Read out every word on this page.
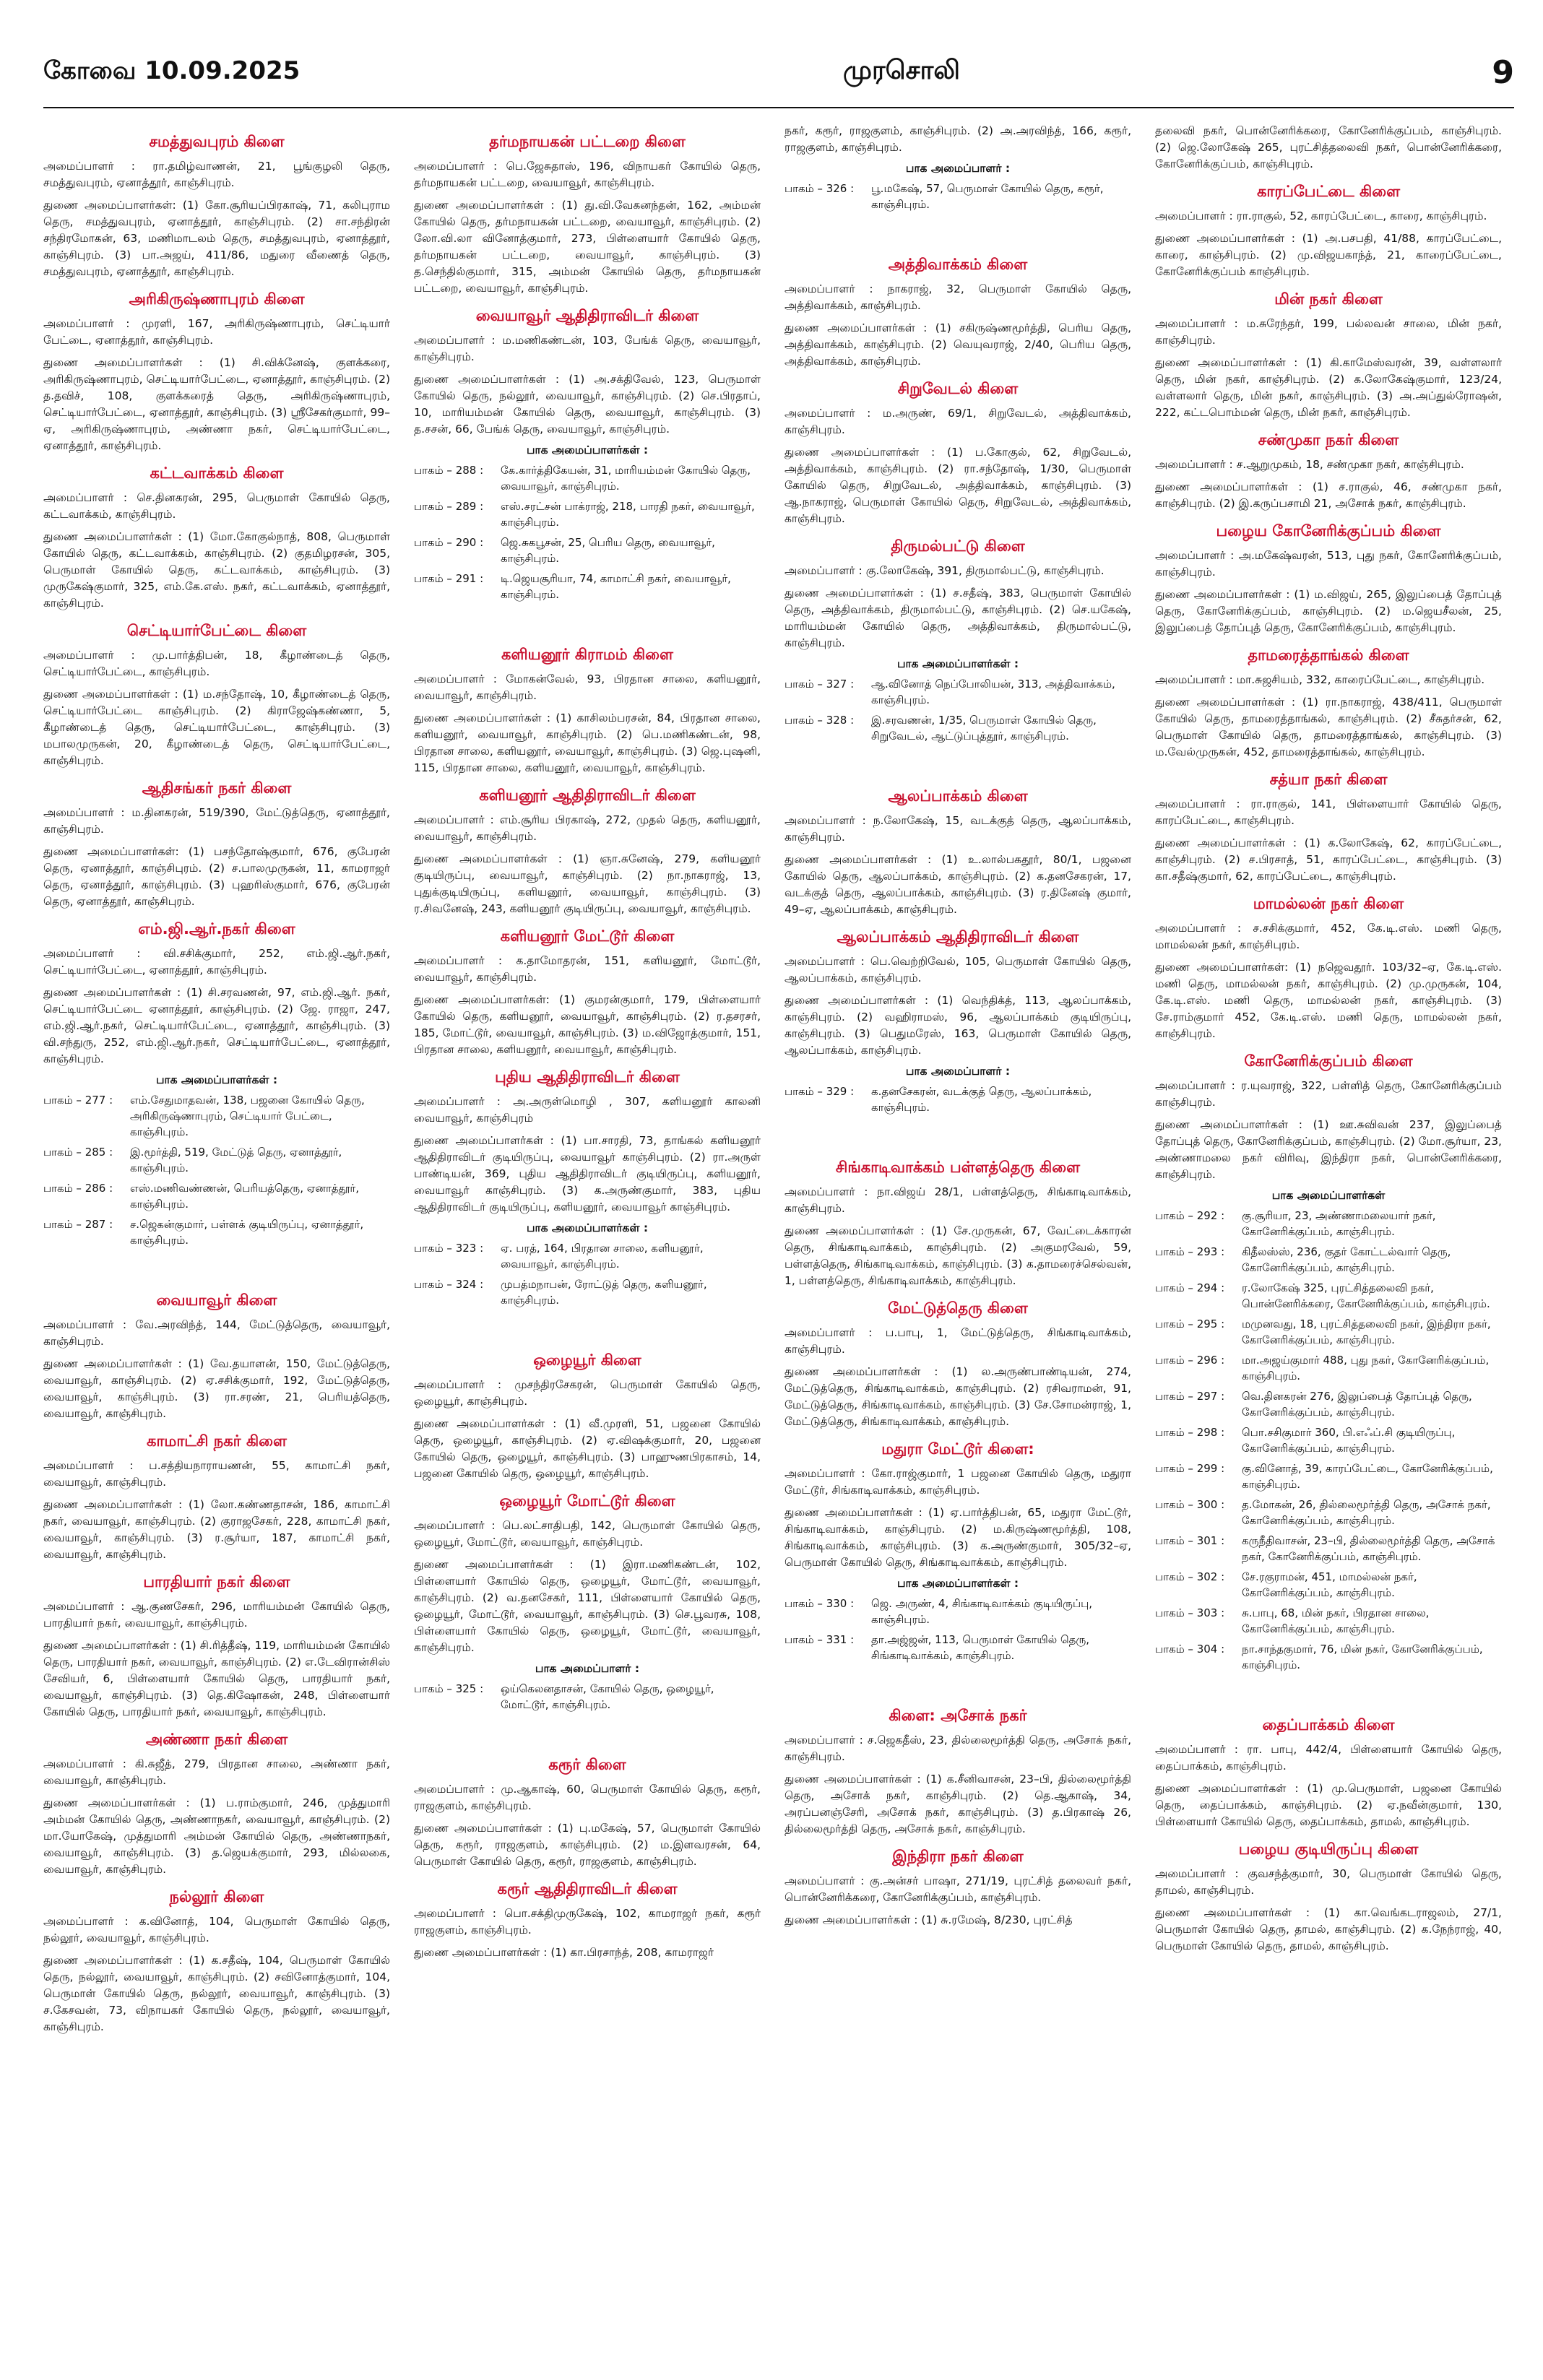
கோவை 10.09.2025	முரசொலி	9
சமத்துவபுரம் கிளை
அமைப்பாளர் : ரா.தமிழ்வாணன், 21, பூங்குழலி தெரு, சமத்துவபுரம், ஏனாத்தூர், காஞ்சிபுரம்.
துணை அமைப்பாளர்கள்: (1) கோ.சூரியப்பிரகாஷ், 71, கலிபுராம தெரு, சமத்துவபுரம், ஏனாத்தூர், காஞ்சிபுரம். (2) சா.சந்திரன் சந்திரமோகன், 63, மணிமாடலம் தெரு, சமத்துவபுரம், ஏனாத்தூர், காஞ்சிபுரம். (3) பா.அஜய், 411/86, மதுரை வீணைத் தெரு, சமத்துவபுரம், ஏனாத்தூர், காஞ்சிபுரம்.
அரிகிருஷ்ணாபுரம் கிளை
அமைப்பாளர் : முரளி, 167, அரிகிருஷ்ணாபுரம், செட்டியார் பேட்டை, ஏனாத்தூர், காஞ்சிபுரம்.
துணை அமைப்பாளர்கள் : (1) சி.விக்னேஷ், குளக்கரை, அரிகிருஷ்ணாபுரம், செட்டியார்பேட்டை, ஏனாத்தூர், காஞ்சிபுரம். (2) த.தவிச், 108, குளக்கரைத் தெரு, அரிகிருஷ்ணாபுரம், செட்டியார்பேட்டை, ஏனாத்தூர், காஞ்சிபுரம். (3) ஸ்ரீசேகர்குமார், 99–ஏ, அரிகிருஷ்ணாபுரம், அண்ணா நகர், செட்டியார்பேட்டை, ஏனாத்தூர், காஞ்சிபுரம்.
கட்டவாக்கம் கிளை
அமைப்பாளர் : செ.தினகரன், 295, பெருமாள் கோயில் தெரு, கட்டவாக்கம், காஞ்சிபுரம்.
துணை அமைப்பாளர்கள் : (1) மோ.கோகுல்நாத், 808, பெருமாள் கோயில் தெரு, கட்டவாக்கம், காஞ்சிபுரம். (2) குதமிழரசன், 305, பெருமாள் கோயில் தெரு, கட்டவாக்கம், காஞ்சிபுரம். (3) முருகேஷ்குமார், 325, எம்.கே.எஸ். நகர், கட்டவாக்கம், ஏனாத்தூர், காஞ்சிபுரம்.
செட்டியார்பேட்டை கிளை
அமைப்பாளர் : மு.பார்த்திபன், 18, கீழாண்டைத் தெரு, செட்டியார்பேட்டை, காஞ்சிபுரம்.
துணை அமைப்பாளர்கள் : (1) ம.சந்தோஷ், 10, கீழாண்டைத் தெரு, செட்டியார்பேட்டை காஞ்சிபுரம். (2) கிராஜேஷ்கண்ணா, 5, கீழாண்டைத் தெரு, செட்டியார்பேட்டை, காஞ்சிபுரம். (3) மபாலமுருகன், 20, கீழாண்டைத் தெரு, செட்டியார்பேட்டை, காஞ்சிபுரம்.
ஆதிசங்கர் நகர் கிளை
அமைப்பாளர் : ம.தினகரன், 519/390, மேட்டுத்தெரு, ஏனாத்தூர், காஞ்சிபுரம்.
துணை அமைப்பாளர்கள்: (1) பசந்தோஷ்குமார், 676, குபேரன் தெரு, ஏனாத்தூர், காஞ்சிபுரம். (2) ச.பாலமுருகன், 11, காமராஜர் தெரு, ஏனாத்தூர், காஞ்சிபுரம். (3) புஹரிஸ்குமார், 676, குபேரன் தெரு, ஏனாத்தூர், காஞ்சிபுரம்.
எம்.ஜி.ஆர்.நகர் கிளை
அமைப்பாளர் : வி.சசிக்குமார், 252, எம்.ஜி.ஆர்.நகர், செட்டியார்பேட்டை, ஏனாத்தூர், காஞ்சிபுரம்.
துணை அமைப்பாளர்கள் : (1) சி.சரவணன், 97, எம்.ஜி.ஆர். நகர், செட்டியார்பேட்டை ஏனாத்தூர், காஞ்சிபுரம். (2) ஜே. ராஜா, 247, எம்.ஜி.ஆர்.நகர், செட்டியார்பேட்டை, ஏனாத்தூர், காஞ்சிபுரம். (3) வி.சந்துரு, 252, எம்.ஜி.ஆர்.நகர், செட்டியார்பேட்டை, ஏனாத்தூர், காஞ்சிபுரம்.
பாக அமைப்பாளர்கள் :
பாகம் – 277 :	எம்.சேதுமாதவன், 138, பஜனை கோயில் தெரு, அரிகிருஷ்ணாபுரம், செட்டியார் பேட்டை, காஞ்சிபுரம்.
பாகம் – 285 :	இ.மூர்த்தி, 519, மேட்டுத் தெரு, ஏனாத்தூர், காஞ்சிபுரம்.
பாகம் – 286 :	எஸ்.மணிவண்ணன், பெரியத்தெரு, ஏனாத்தூர், காஞ்சிபுரம்.
பாகம் – 287 :	ச.ஜெகன்குமார், பள்ளக் குடியிருப்பு, ஏனாத்தூர், காஞ்சிபுரம்.
வையாவூர் கிளை
அமைப்பாளர் : வே.அரவிந்த், 144, மேட்டுத்தெரு, வையாவூர், காஞ்சிபுரம்.
துணை அமைப்பாளர்கள் : (1) வே.தயாளன், 150, மேட்டுத்தெரு, வையாவூர், காஞ்சிபுரம். (2) ஏ.சசிக்குமார், 192, மேட்டுத்தெரு, வையாவூர், காஞ்சிபுரம். (3) ரா.சரண், 21, பெரியத்தெரு, வையாவூர், காஞ்சிபுரம்.
காமாட்சி நகர் கிளை
அமைப்பாளர் : ப.சத்தியநாராயணன், 55, காமாட்சி நகர், வையாவூர், காஞ்சிபுரம்.
துணை அமைப்பாளர்கள் : (1) லோ.கண்ணதாசன், 186, காமாட்சி நகர், வையாவூர், காஞ்சிபுரம். (2) குராஜசேகர், 228, காமாட்சி நகர், வையாவூர், காஞ்சிபுரம். (3) ர.சூர்யா, 187, காமாட்சி நகர், வையாவூர், காஞ்சிபுரம்.
பாரதியார் நகர் கிளை
அமைப்பாளர் : ஆ.குணசேகர், 296, மாரியம்மன் கோயில் தெரு, பாரதியார் நகர், வையாவூர், காஞ்சிபுரம்.
துணை அமைப்பாளர்கள் : (1) சி.ரித்தீஷ், 119, மாரியம்மன் கோயில் தெரு, பாரதியார் நகர், வையாவூர், காஞ்சிபுரம். (2) எ.டேவிரான்சிஸ் சேவியர், 6, பிள்ளையார் கோயில் தெரு, பாரதியார் நகர், வையாவூர், காஞ்சிபுரம். (3) தெ.கிஷோகன், 248, பிள்ளையார் கோயில் தெரு, பாரதியார் நகர், வையாவூர், காஞ்சிபுரம்.
அண்ணா நகர் கிளை
அமைப்பாளர் : கி.சுஜீத், 279, பிரதான சாலை, அண்ணா நகர், வையாவூர், காஞ்சிபுரம்.
துணை அமைப்பாளர்கள் : (1) ப.ராம்குமார், 246, முத்துமாரி அம்மன் கோயில் தெரு, அண்ணாநகர், வையாவூர், காஞ்சிபுரம். (2) மா.யோகேஷ், முத்துமாரி அம்மன் கோயில் தெரு, அண்ணாநகர், வையாவூர், காஞ்சிபுரம். (3) த.ஜெயக்குமார், 293, மில்லகை, வையாவூர், காஞ்சிபுரம்.
நல்லூர் கிளை
அமைப்பாளர் : க.வினோத், 104, பெருமாள் கோயில் தெரு, நல்லூர், வையாவூர், காஞ்சிபுரம்.
துணை அமைப்பாளர்கள் : (1) க.சதீஷ், 104, பெருமாள் கோயில் தெரு, நல்லூர், வையாவூர், காஞ்சிபுரம். (2) சவினோத்குமார், 104, பெருமாள் கோயில் தெரு, நல்லூர், வையாவூர், காஞ்சிபுரம். (3) ச.கேசவன், 73, விநாயகர் கோயில் தெரு, நல்லூர், வையாவூர், காஞ்சிபுரம்.
தர்மநாயகன் பட்டறை கிளை
அமைப்பாளர் : பெ.ஜேசுதாஸ், 196, விநாயகர் கோயில் தெரு, தர்மநாயகன் பட்டறை, வையாவூர், காஞ்சிபுரம்.
துணை அமைப்பாளர்கள் : (1) து.வி.வேகனந்தன், 162, அம்மன் கோயில் தெரு, தர்மநாயகன் பட்டறை, வையாவூர், காஞ்சிபுரம். (2) லோ.வி.லா வினோத்குமார், 273, பிள்ளையார் கோயில் தெரு, தர்மநாயகன் பட்டறை, வையாவூர், காஞ்சிபுரம். (3) த.செந்தில்குமார், 315, அம்மன் கோயில் தெரு, தர்மநாயகன் பட்டறை, வையாவூர், காஞ்சிபுரம்.
வையாவூர் ஆதிதிராவிடர் கிளை
அமைப்பாளர் : ம.மணிகண்டன், 103, பேங்க் தெரு, வையாவூர், காஞ்சிபுரம்.
துணை அமைப்பாளர்கள் : (1) அ.சக்திவேல், 123, பெருமாள் கோயில் தெரு, நல்லூர், வையாவூர், காஞ்சிபுரம். (2) செ.பிரதாப், 10, மாரியம்மன் கோயில் தெரு, வையாவூர், காஞ்சிபுரம். (3) த.சசன், 66, பேங்க் தெரு, வையாவூர், காஞ்சிபுரம்.
பாக அமைப்பாளர்கள் :
பாகம் – 288 :	கே.கார்த்திகேயன், 31, மாரியம்மன் கோயில் தெரு, வையாவூர், காஞ்சிபுரம்.
பாகம் – 289 :	எஸ்.சரட்சன் பாக்ராஜ், 218, பாரதி நகர், வையாவூர், காஞ்சிபுரம்.
பாகம் – 290 :	ஜெ.சுகபூசன், 25, பெரிய தெரு, வையாவூர், காஞ்சிபுரம்.
பாகம் – 291 :	டி.ஜெயசூரியா, 74, காமாட்சி நகர், வையாவூர், காஞ்சிபுரம்.
களியனூர் கிராமம் கிளை
அமைப்பாளர் : மோகன்வேல், 93, பிரதான சாலை, களியனூர், வையாவூர், காஞ்சிபுரம்.
துணை அமைப்பாளர்கள் : (1) காசிலம்பரசன், 84, பிரதான சாலை, களியனூர், வையாவூர், காஞ்சிபுரம். (2) பெ.மணிகண்டன், 98, பிரதான சாலை, களியனூர், வையாவூர், காஞ்சிபுரம். (3) ஜெ.புஷனி, 115, பிரதான சாலை, களியனூர், வையாவூர், காஞ்சிபுரம்.
களியனூர் ஆதிதிராவிடர் கிளை
அமைப்பாளர் : எம்.சூரிய பிரகாஷ், 272, முதல் தெரு, களியனூர், வையாவூர், காஞ்சிபுரம்.
துணை அமைப்பாளர்கள் : (1) ஞா.சுனேஷ், 279, களியனூர் குடியிருப்பு, வையாவூர், காஞ்சிபுரம். (2) நா.நாகராஜ், 13, புதுக்குடியிருப்பு, களியனூர், வையாவூர், காஞ்சிபுரம். (3) ர.சிவனேஷ், 243, களியனூர் குடியிருப்பு, வையாவூர், காஞ்சிபுரம்.
களியனூர் மேட்டூர் கிளை
அமைப்பாளர் : க.தாமோதரன், 151, களியனூர், மோட்டூர், வையாவூர், காஞ்சிபுரம்.
துணை அமைப்பாளர்கள்: (1) குமரன்குமார், 179, பிள்ளையார் கோயில் தெரு, களியனூர், வையாவூர், காஞ்சிபுரம். (2) ர.தசரசர், 185, மோட்டூர், வையாவூர், காஞ்சிபுரம். (3) ம.விஜோத்குமார், 151, பிரதான சாலை, களியனூர், வையாவூர், காஞ்சிபுரம்.
புதிய ஆதிதிராவிடர் கிளை
அமைப்பாளர் : அ.அருள்மொழி , 307, களியனூர் காலனி வையாவூர், காஞ்சிபுரம்
துணை அமைப்பாளர்கள் : (1) பா.சாரதி, 73, தாங்கல் களியனூர் ஆதிதிராவிடர் குடியிருப்பு, வையாவூர் காஞ்சிபுரம். (2) ரா.அருள் பாண்டியன், 369, புதிய ஆதிதிராவிடர் குடியிருப்பு, களியனூர், வையாவூர் காஞ்சிபுரம். (3) க.அருண்குமார், 383, புதிய ஆதிதிராவிடர் குடியிருப்பு, களியனூர், வையாவூர் காஞ்சிபுரம்.
பாக அமைப்பாளர்கள் :
பாகம் – 323 :	ஏ. பரத், 164, பிரதான சாலை, களியனூர், வையாவூர், காஞ்சிபுரம்.
பாகம் – 324 :	முபத்மநாபன், ரோட்டுத் தெரு, களியனூர், காஞ்சிபுரம்.
ஒழையூர் கிளை
அமைப்பாளர் : முசந்திரசேகரன், பெருமாள் கோயில் தெரு, ஒழையூர், காஞ்சிபுரம்.
துணை அமைப்பாளர்கள் : (1) வீ.முரளி, 51, பஜனை கோயில் தெரு, ஒழையூர், காஞ்சிபுரம். (2) ஏ.விஷக்குமார், 20, பஜனை கோயில் தெரு, ஒழையூர், காஞ்சிபுரம். (3) பாஹுணபிரகாசம், 14, பஜனை கோயில் தெரு, ஒழையூர், காஞ்சிபுரம்.
ஒழையூர் மோட்டூர் கிளை
அமைப்பாளர் : பெ.லட்சாதிபதி, 142, பெருமாள் கோயில் தெரு, ஒழையூர், மோட்டூர், வையாவூர், காஞ்சிபுரம்.
துணை அமைப்பாளர்கள் : (1) இரா.மணிகண்டன், 102, பிள்ளையார் கோயில் தெரு, ஒழையூர், மோட்டூர், வையாவூர், காஞ்சிபுரம். (2) வ.தனசேகர், 111, பிள்ளையார் கோயில் தெரு, ஒழையூர், மோட்டூர், வையாவூர், காஞ்சிபுரம். (3) செ.பூவரசு, 108, பிள்ளையார் கோயில் தெரு, ஒழையூர், மோட்டூர், வையாவூர், காஞ்சிபுரம்.
பாக அமைப்பாளர் :
பாகம் – 325 :	ஒய்கெலனதாசன், கோயில் தெரு, ஒழையூர், மோட்டூர், காஞ்சிபுரம்.
கரூர் கிளை
அமைப்பாளர் : மு.ஆகாஷ், 60, பெருமாள் கோயில் தெரு, கரூர், ராஜகுளம், காஞ்சிபுரம்.
துணை அமைப்பாளர்கள் : (1) பு.மகேஷ், 57, பெருமாள் கோயில் தெரு, கரூர், ராஜகுளம், காஞ்சிபுரம். (2) ம.இளவரசன், 64, பெருமாள் கோயில் தெரு, கரூர், ராஜகுளம், காஞ்சிபுரம்.
கரூர் ஆதிதிராவிடர் கிளை
அமைப்பாளர் : பொ.சக்திமுருகேஷ், 102, காமராஜர் நகர், கரூர் ராஜகுளம், காஞ்சிபுரம்.
துணை அமைப்பாளர்கள் : (1) கா.பிரசாந்த், 208, காமராஜர்
நகர், கரூர், ராஜகுளம், காஞ்சிபுரம். (2) அ.அரவிந்த், 166, கரூர், ராஜகுளம், காஞ்சிபுரம்.
பாக அமைப்பாளர் :
பாகம் – 326 :	பூ.மகேஷ், 57, பெருமாள் கோயில் தெரு, கரூர், காஞ்சிபுரம்.
அத்திவாக்கம் கிளை
அமைப்பாளர் : நாகராஜ், 32, பெருமாள் கோயில் தெரு, அத்திவாக்கம், காஞ்சிபுரம்.
துணை அமைப்பாளர்கள் : (1) சகிருஷ்ணமூர்த்தி, பெரிய தெரு, அத்திவாக்கம், காஞ்சிபுரம். (2) வெயுவராஜ், 2/40, பெரிய தெரு, அத்திவாக்கம், காஞ்சிபுரம்.
சிறுவேடல் கிளை
அமைப்பாளர் : ம.அருண், 69/1, சிறுவேடல், அத்திவாக்கம், காஞ்சிபுரம்.
துணை அமைப்பாளர்கள் : (1) ப.கோகுல், 62, சிறுவேடல், அத்திவாக்கம், காஞ்சிபுரம். (2) ரா.சந்தோஷ், 1/30, பெருமாள் கோயில் தெரு, சிறுவேடல், அத்திவாக்கம், காஞ்சிபுரம். (3) ஆ.நாகராஜ், பெருமாள் கோயில் தெரு, சிறுவேடல், அத்திவாக்கம், காஞ்சிபுரம்.
திருமல்பட்டு கிளை
அமைப்பாளர் : கு.லோகேஷ், 391, திருமால்பட்டு, காஞ்சிபுரம்.
துணை அமைப்பாளர்கள் : (1) ச.சதீஷ், 383, பெருமாள் கோயில் தெரு, அத்திவாக்கம், திருமால்பட்டு, காஞ்சிபுரம். (2) செ.யகேஷ், மாரியம்மன் கோயில் தெரு, அத்திவாக்கம், திருமால்பட்டு, காஞ்சிபுரம்.
பாக அமைப்பாளர்கள் :
பாகம் – 327 :	ஆ.வினோத் நெப்போலியன், 313, அத்திவாக்கம், காஞ்சிபுரம்.
பாகம் – 328 :	இ.சரவணன், 1/35, பெருமாள் கோயில் தெரு, சிறுவேடல், ஆட்டுப்புத்தூர், காஞ்சிபுரம்.
ஆலப்பாக்கம் கிளை
அமைப்பாளர் : ந.லோகேஷ், 15, வடக்குத் தெரு, ஆலப்பாக்கம், காஞ்சிபுரம்.
துணை அமைப்பாளர்கள் : (1) உ.லால்பகதூர், 80/1, பஜனை கோயில் தெரு, ஆலப்பாக்கம், காஞ்சிபுரம். (2) க.தனசேகரன், 17, வடக்குத் தெரு, ஆலப்பாக்கம், காஞ்சிபுரம். (3) ர.தினேஷ் குமார், 49–ஏ, ஆலப்பாக்கம், காஞ்சிபுரம்.
ஆலப்பாக்கம் ஆதிதிராவிடர் கிளை
அமைப்பாளர் : பெ.வெற்றிவேல், 105, பெருமாள் கோயில் தெரு, ஆலப்பாக்கம், காஞ்சிபுரம்.
துணை அமைப்பாளர்கள் : (1) வெந்திக்த், 113, ஆலப்பாக்கம், காஞ்சிபுரம். (2) வஹிராமஸ், 96, ஆலப்பாக்கம் குடியிருப்பு, காஞ்சிபுரம். (3) பெதுமரேஸ், 163, பெருமாள் கோயில் தெரு, ஆலப்பாக்கம், காஞ்சிபுரம்.
பாக அமைப்பாளர் :
பாகம் – 329 :	க.தனசேகரன், வடக்குத் தெரு, ஆலப்பாக்கம், காஞ்சிபுரம்.
சிங்காடிவாக்கம் பள்ளத்தெரு கிளை
அமைப்பாளர் : நா.விஜய் 28/1, பள்ளத்தெரு, சிங்காடிவாக்கம், காஞ்சிபுரம்.
துணை அமைப்பாளர்கள் : (1) சே.முருகன், 67, வேட்டைக்காரன் தெரு, சிங்காடிவாக்கம், காஞ்சிபுரம். (2) அகுமரவேல், 59, பள்ளத்தெரு, சிங்காடிவாக்கம், காஞ்சிபுரம். (3) க.தாமரைச்செல்வன், 1, பள்ளத்தெரு, சிங்காடிவாக்கம், காஞ்சிபுரம்.
மேட்டுத்தெரு கிளை
அமைப்பாளர் : ப.பாபு, 1, மேட்டுத்தெரு, சிங்காடிவாக்கம், காஞ்சிபுரம்.
துணை அமைப்பாளர்கள் : (1) ல.அருண்பாண்டியன், 274, மேட்டுத்தெரு, சிங்காடிவாக்கம், காஞ்சிபுரம். (2) ரசிவராமன், 91, மேட்டுத்தெரு, சிங்காடிவாக்கம், காஞ்சிபுரம். (3) சே.சோமன்ராஜ், 1, மேட்டுத்தெரு, சிங்காடிவாக்கம், காஞ்சிபுரம்.
மதுரா மேட்டூர் கிளை:
அமைப்பாளர் : கோ.ராஜ்குமார், 1 பஜனை கோயில் தெரு, மதுரா மேட்டூர், சிங்காடிவாக்கம், காஞ்சிபுரம்.
துணை அமைப்பாளர்கள் : (1) ஏ.பார்த்திபன், 65, மதுரா மேட்டூர், சிங்காடிவாக்கம், காஞ்சிபுரம். (2) ம.கிருஷ்ணமூர்த்தி, 108, சிங்காடிவாக்கம், காஞ்சிபுரம். (3) க.அருண்குமார், 305/32–ஏ, பெருமாள் கோயில் தெரு, சிங்காடிவாக்கம், காஞ்சிபுரம்.
பாக அமைப்பாளர்கள் :
பாகம் – 330 :	ஜெ. அருண், 4, சிங்காடிவாக்கம் குடியிருப்பு, காஞ்சிபுரம்.
பாகம் – 331 :	தா.அஜ்ஜன், 113, பெருமாள் கோயில் தெரு, சிங்காடிவாக்கம், காஞ்சிபுரம்.
கிளை: அசோக் நகர்
அமைப்பாளர் : ச.ஜெகதீஸ், 23, தில்லைமூர்த்தி தெரு, அசோக் நகர், காஞ்சிபுரம்.
துணை அமைப்பாளர்கள் : (1) க.சீனிவாசன், 23–பி, தில்லைமூர்த்தி தெரு, அசோக் நகர், காஞ்சிபுரம். (2) தெ.ஆகாஷ், 34, அரப்பனஞ்சேரி, அசோக் நகர், காஞ்சிபுரம். (3) த.பிரகாஷ் 26, தில்லைமூர்த்தி தெரு, அசோக் நகர், காஞ்சிபுரம்.
இந்திரா நகர் கிளை
அமைப்பாளர் : கு.அன்சர் பாஷா, 271/19, புரட்சித் தலைவர் நகர், பொன்னேரிக்கரை, கோனேரிக்குப்பம், காஞ்சிபுரம்.
துணை அமைப்பாளர்கள் : (1) சு.ரமேஷ், 8/230, புரட்சித்
தலைவி நகர், பொன்னேரிக்கரை, கோனேரிக்குப்பம், காஞ்சிபுரம். (2) ஜெ.லோகேஷ் 265, புரட்சித்தலைவி நகர், பொன்னேரிக்கரை, கோனேரிக்குப்பம், காஞ்சிபுரம்.
காரப்பேட்டை கிளை
அமைப்பாளர் : ரா.ராகுல், 52, காரப்பேட்டை, காரை, காஞ்சிபுரம்.
துணை அமைப்பாளர்கள் : (1) அ.பசபதி, 41/88, காரப்பேட்டை, காரை, காஞ்சிபுரம். (2) மு.விஜயகாந்த், 21, காரைப்பேட்டை, கோனேரிக்குப்பம் காஞ்சிபுரம்.
மின் நகர் கிளை
அமைப்பாளர் : ம.சுரேந்தர், 199, பல்லவன் சாலை, மின் நகர், காஞ்சிபுரம்.
துணை அமைப்பாளர்கள் : (1) கி.காமேஸ்வரன், 39, வள்ளலார் தெரு, மின் நகர், காஞ்சிபுரம். (2) க.லோகேஷ்குமார், 123/24, வள்ளலார் தெரு, மின் நகர், காஞ்சிபுரம். (3) அ.அப்துல்ரோஷன், 222, கட்டபொம்மன் தெரு, மின் நகர், காஞ்சிபுரம்.
சண்முகா நகர் கிளை
அமைப்பாளர் : ச.ஆறுமுகம், 18, சண்முகா நகர், காஞ்சிபுரம்.
துணை அமைப்பாளர்கள் : (1) ச.ராகுல், 46, சண்முகா நகர், காஞ்சிபுரம். (2) இ.கருப்பசாமி 21, அசோக் நகர், காஞ்சிபுரம்.
பழைய கோனேரிக்குப்பம் கிளை
அமைப்பாளர் : அ.மகேஷ்வரன், 513, புது நகர், கோனேரிக்குப்பம், காஞ்சிபுரம்.
துணை அமைப்பாளர்கள் : (1) ம.விஜய், 265, இலுப்பைத் தோப்புத் தெரு, கோனேரிக்குப்பம், காஞ்சிபுரம். (2) ம.ஜெயசீலன், 25, இலுப்பைத் தோப்புத் தெரு, கோனேரிக்குப்பம், காஞ்சிபுரம்.
தாமரைத்தாங்கல் கிளை
அமைப்பாளர் : மா.சுஜசியம், 332, காரைப்பேட்டை, காஞ்சிபுரம்.
துணை அமைப்பாளர்கள் : (1) ரா.நாகராஜ், 438/411, பெருமாள் கோயில் தெரு, தாமரைத்தாங்கல், காஞ்சிபுரம். (2) சீசுதர்சன், 62, பெருமாள் கோயில் தெரு, தாமரைத்தாங்கல், காஞ்சிபுரம். (3) ம.வேல்முருகன், 452, தாமரைத்தாங்கல், காஞ்சிபுரம்.
சத்யா நகர் கிளை
அமைப்பாளர் : ரா.ராகுல், 141, பிள்ளையார் கோயில் தெரு, காரப்பேட்டை, காஞ்சிபுரம்.
துணை அமைப்பாளர்கள் : (1) க.லோகேஷ், 62, காரப்பேட்டை, காஞ்சிபுரம். (2) ச.பிரசாத், 51, காரப்பேட்டை, காஞ்சிபுரம். (3) கா.சதீஷ்குமார், 62, காரப்பேட்டை, காஞ்சிபுரம்.
மாமல்லன் நகர் கிளை
அமைப்பாளர் : ச.சசிக்குமார், 452, கே.டி.எஸ். மணி தெரு, மாமல்லன் நகர், காஞ்சிபுரம்.
துணை அமைப்பாளர்கள்: (1) நஜெவதூர். 103/32–ஏ, கே.டி.எஸ். மணி தெரு, மாமல்லன் நகர், காஞ்சிபுரம். (2) மு.முருகன், 104, கே.டி.எஸ். மணி தெரு, மாமல்லன் நகர், காஞ்சிபுரம். (3) சே.ராம்குமார் 452, கே.டி.எஸ். மணி தெரு, மாமல்லன் நகர், காஞ்சிபுரம்.
கோனேரிக்குப்பம் கிளை
அமைப்பாளர் : ர.யுவராஜ், 322, பள்ளித் தெரு, கோனேரிக்குப்பம் காஞ்சிபுரம்.
துணை அமைப்பாளர்கள் : (1) ஊ.சுவிவன் 237, இலுப்பைத் தோப்புத் தெரு, கோனேரிக்குப்பம், காஞ்சிபுரம். (2) மோ.சூர்யா, 23, அண்ணாமலை நகர் விரிவு, இந்திரா நகர், பொன்னேரிக்கரை, காஞ்சிபுரம்.
பாக அமைப்பாளர்கள்
பாகம் – 292 :	கு.சூரியா, 23, அண்ணாமலையார் நகர், கோனேரிக்குப்பம், காஞ்சிபுரம்.
பாகம் – 293 :	கிதீலஸ்ஸ், 236, குதர் கோட்டல்வார் தெரு, கோனேரிக்குப்பம், காஞ்சிபுரம்.
பாகம் – 294 :	ர.லோகேஷ் 325, புரட்சித்தலைவி நகர், பொன்னேரிக்கரை, கோனேரிக்குப்பம், காஞ்சிபுரம்.
பாகம் – 295 :	மமுனவது, 18, புரட்சித்தலைவி நகர், இந்திரா நகர், கோனேரிக்குப்பம், காஞ்சிபுரம்.
பாகம் – 296 :	மா.அஜய்குமார் 488, புது நகர், கோனேரிக்குப்பம், காஞ்சிபுரம்.
பாகம் – 297 :	வெ.தினகரன் 276, இலுப்பைத் தோப்புத் தெரு, கோனேரிக்குப்பம், காஞ்சிபுரம்.
பாகம் – 298 :	பொ.சசிகுமார் 360, பி.எஃப்.சி குடியிருப்பு, கோனேரிக்குப்பம், காஞ்சிபுரம்.
பாகம் – 299 :	கு.வினோத், 39, காரப்பேட்டை, கோனேரிக்குப்பம், காஞ்சிபுரம்.
பாகம் – 300 :	த.மோகன், 26, தில்லைமூர்த்தி தெரு, அசோக் நகர், கோனேரிக்குப்பம், காஞ்சிபுரம்.
பாகம் – 301 :	கருநீதிவாசன், 23–பி, தில்லைமூர்த்தி தெரு, அசோக் நகர், கோனேரிக்குப்பம், காஞ்சிபுரம்.
பாகம் – 302 :	சே.ரகுராமன், 451, மாமல்லன் நகர், கோனேரிக்குப்பம், காஞ்சிபுரம்.
பாகம் – 303 :	சு.பாபு, 68, மின் நகர், பிரதான சாலை, கோனேரிக்குப்பம், காஞ்சிபுரம்.
பாகம் – 304 :	நா.சாந்தகுமார், 76, மின் நகர், கோனேரிக்குப்பம், காஞ்சிபுரம்.
தைப்பாக்கம் கிளை
அமைப்பாளர் : ரா. பாபு, 442/4, பிள்ளையார் கோயில் தெரு, தைப்பாக்கம், காஞ்சிபுரம்.
துணை அமைப்பாளர்கள் : (1) மு.பெருமாள், பஜனை கோயில் தெரு, தைப்பாக்கம், காஞ்சிபுரம். (2) ஏ.நவீன்குமார், 130, பிள்ளையார் கோயில் தெரு, தைப்பாக்கம், தாமல், காஞ்சிபுரம்.
பழைய குடியிருப்பு கிளை
அமைப்பாளர் : குவசந்த்குமார், 30, பெருமாள் கோயில் தெரு, தாமல், காஞ்சிபுரம்.
துணை அமைப்பாளர்கள் : (1) கா.வெங்கடராஜலம், 27/1, பெருமாள் கோயில் தெரு, தாமல், காஞ்சிபுரம். (2) க.நேந்ராஜ், 40, பெருமாள் கோயில் தெரு, தாமல், காஞ்சிபுரம்.
